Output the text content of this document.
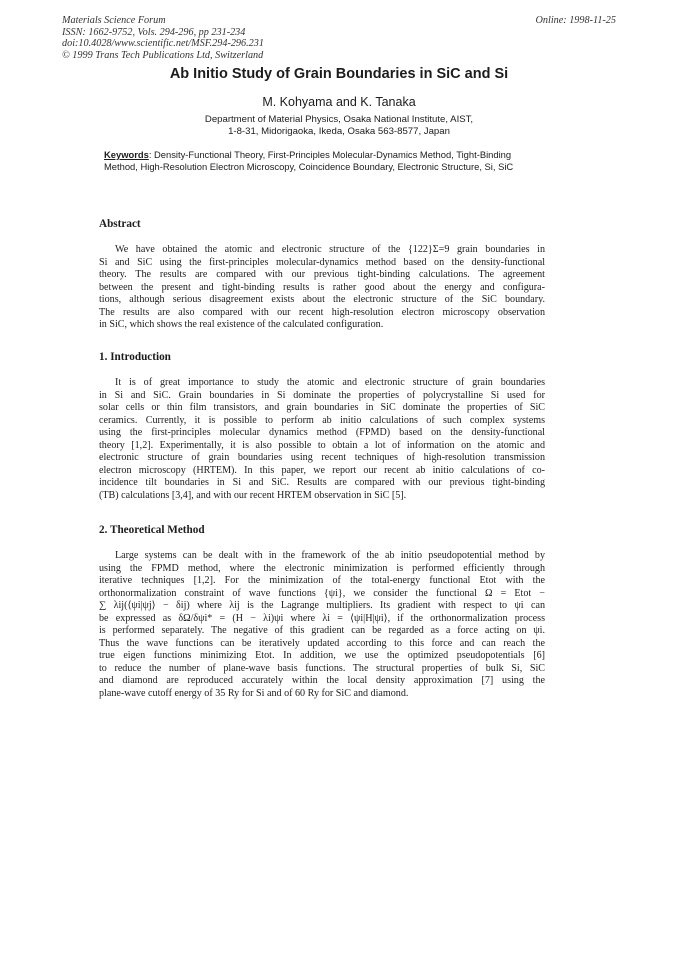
Materials Science Forum
ISSN: 1662-9752, Vols. 294-296, pp 231-234
doi:10.4028/www.scientific.net/MSF.294-296.231
© 1999 Trans Tech Publications Ltd, Switzerland
Online: 1998-11-25
Ab Initio Study of Grain Boundaries in SiC and Si
M. Kohyama and K. Tanaka
Department of Material Physics, Osaka National Institute, AIST,
1-8-31, Midorigaoka, Ikeda, Osaka 563-8577, Japan
Keywords: Density-Functional Theory, First-Principles Molecular-Dynamics Method, Tight-Binding
Method, High-Resolution Electron Microscopy, Coincidence Boundary, Electronic Structure, Si, SiC
Abstract
We have obtained the atomic and electronic structure of the {122}Σ=9 grain boundaries in
Si and SiC using the first-principles molecular-dynamics method based on the density-functional
theory. The results are compared with our previous tight-binding calculations. The agreement
between the present and tight-binding results is rather good about the energy and configura-
tions, although serious disagreement exists about the electronic structure of the SiC boundary.
The results are also compared with our recent high-resolution electron microscopy observation
in SiC, which shows the real existence of the calculated configuration.
1. Introduction
It is of great importance to study the atomic and electronic structure of grain boundaries
in Si and SiC. Grain boundaries in Si dominate the properties of polycrystalline Si used for
solar cells or thin film transistors, and grain boundaries in SiC dominate the properties of SiC
ceramics. Currently, it is possible to perform ab initio calculations of such complex systems
using the first-principles molecular dynamics method (FPMD) based on the density-functional
theory [1,2]. Experimentally, it is also possible to obtain a lot of information on the atomic and
electronic structure of grain boundaries using recent techniques of high-resolution transmission
electron microscopy (HRTEM). In this paper, we report our recent ab initio calculations of co-
incidence tilt boundaries in Si and SiC. Results are compared with our previous tight-binding
(TB) calculations [3,4], and with our recent HRTEM observation in SiC [5].
2. Theoretical Method
Large systems can be dealt with in the framework of the ab initio pseudopotential method by
using the FPMD method, where the electronic minimization is performed efficiently through
iterative techniques [1,2]. For the minimization of the total-energy functional Etot with the
orthonormalization constraint of wave functions {ψi}, we consider the functional Ω = Etot −
∑ λij(⟨ψi|ψj⟩ − δij) where λij is the Lagrange multipliers. Its gradient with respect to ψi can
be expressed as δΩ/δψi* = (H − λi)ψi where λi = ⟨ψi|H|ψi⟩, if the orthonormalization process
is performed separately. The negative of this gradient can be regarded as a force acting on ψi.
Thus the wave functions can be iteratively updated according to this force and can reach the
true eigen functions minimizing Etot. In addition, we use the optimized pseudopotentials [6]
to reduce the number of plane-wave basis functions. The structural properties of bulk Si, SiC
and diamond are reproduced accurately within the local density approximation [7] using the
plane-wave cutoff energy of 35 Ry for Si and of 60 Ry for SiC and diamond.
